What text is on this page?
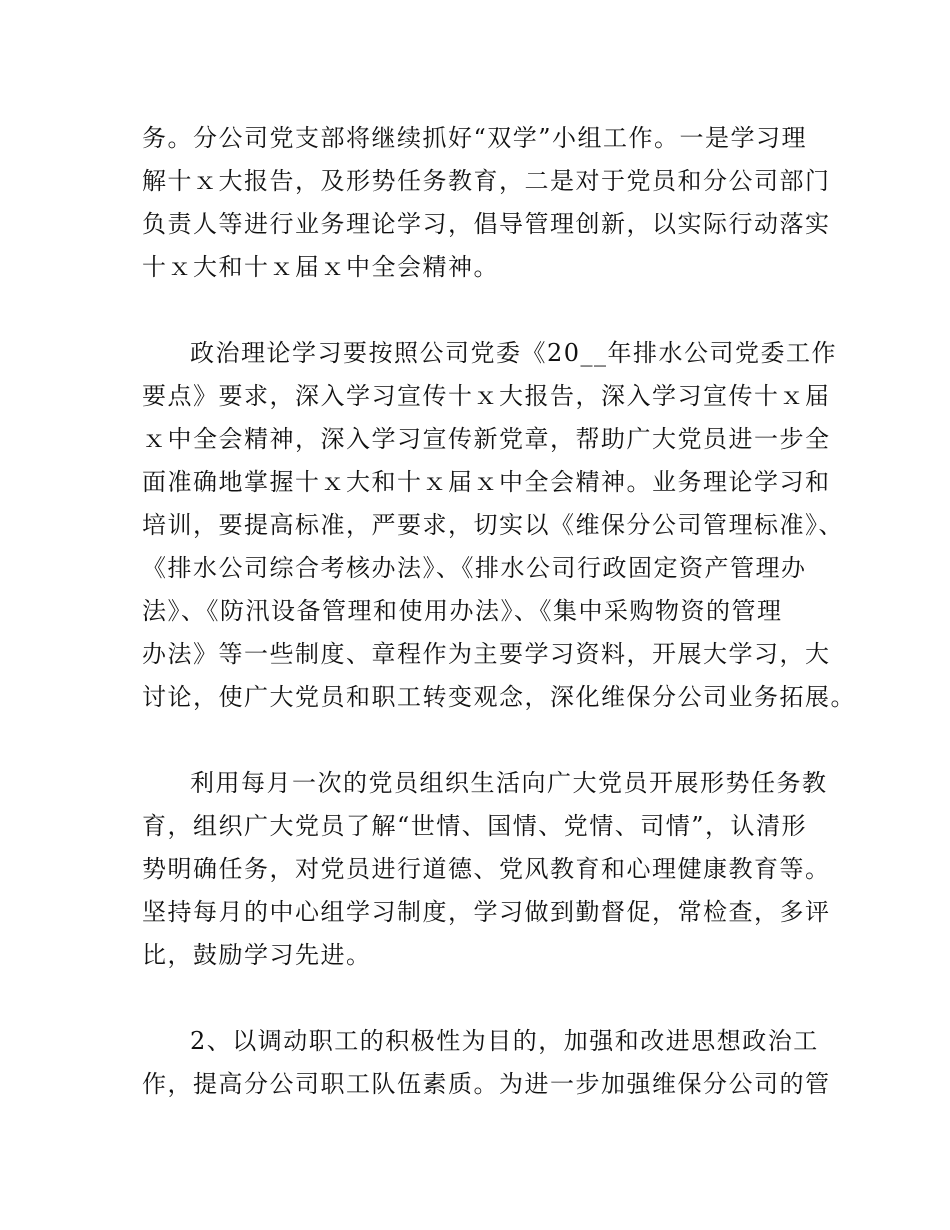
务。分公司党支部将继续抓好“双学”小组工作。一是学习理

解十ｘ大报告，及形势任务教育，二是对于党员和分公司部门

负责人等进行业务理论学习，倡导管理创新，以实际行动落实

十ｘ大和十ｘ届ｘ中全会精神。

政治理论学习要按照公司党委《20__年排水公司党委工作

要点》要求，深入学习宣传十ｘ大报告，深入学习宣传十ｘ届

ｘ中全会精神，深入学习宣传新党章，帮助广大党员进一步全

面准确地掌握十ｘ大和十ｘ届ｘ中全会精神。业务理论学习和

培训，要提高标准，严要求，切实以《维保分公司管理标准》、

《排水公司综合考核办法》、《排水公司行政固定资产管理办

法》、《防汛设备管理和使用办法》、《集中采购物资的管理

办法》等一些制度、章程作为主要学习资料，开展大学习，大

讨论，使广大党员和职工转变观念，深化维保分公司业务拓展。

利用每月一次的党员组织生活向广大党员开展形势任务教

育，组织广大党员了解“世情、国情、党情、司情”，认清形

势明确任务，对党员进行道德、党风教育和心理健康教育等。

坚持每月的中心组学习制度，学习做到勤督促，常检查，多评

比，鼓励学习先进。

2、以调动职工的积极性为目的，加强和改进思想政治工

作，提高分公司职工队伍素质。为进一步加强维保分公司的管
